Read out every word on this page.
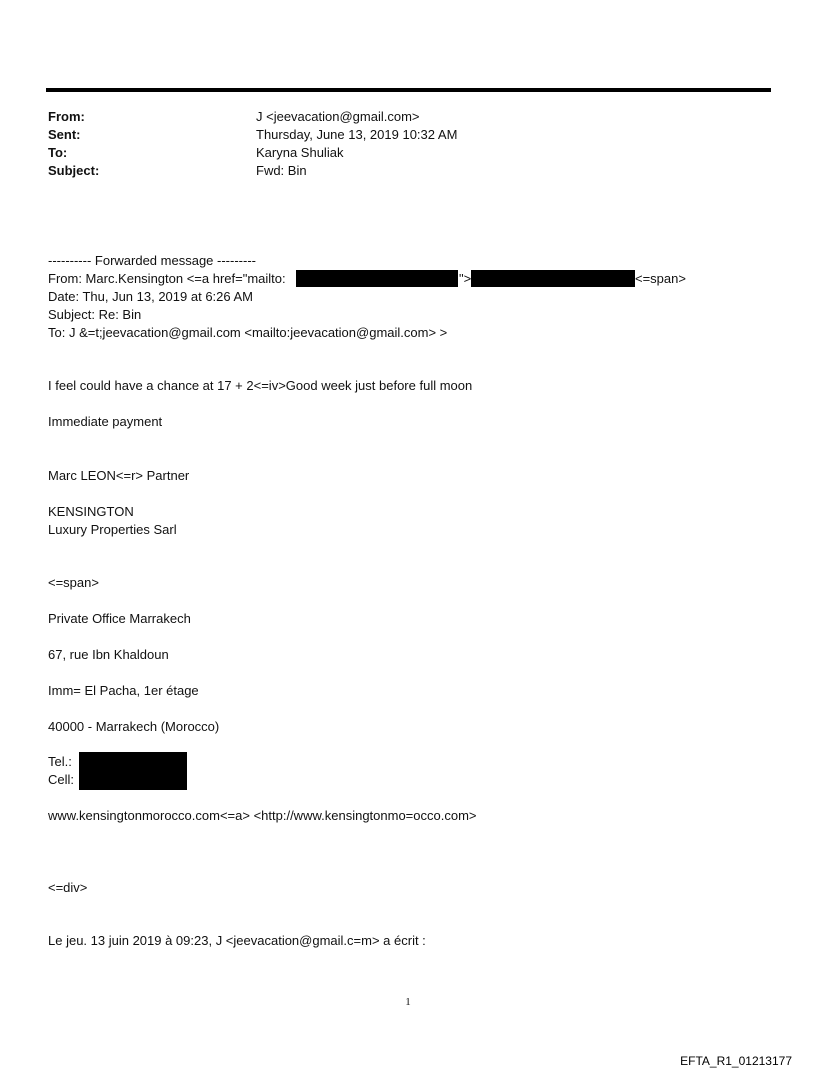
From:	J <jeevacation@gmail.com>
Sent:	Thursday, June 13, 2019 10:32 AM
To:	Karyna Shuliak
Subject:	Fwd: Bin
---------- Forwarded message ---------
From: Marc.Kensington <=a href="mailto:	">	<=span>
Date: Thu, Jun 13, 2019 at 6:26 AM
Subject: Re: Bin
To: J &=t;jeevacation@gmail.com <mailto:jeevacation@gmail.com> >
I feel could have a chance at 17 + 2<=iv>Good week just before full moon
Immediate payment
Marc LEON<=r> Partner
KENSINGTON
Luxury Properties Sarl
<=span>
Private Office Marrakech
67, rue Ibn Khaldoun
Imm= El Pacha, 1er étage
40000 - Marrakech (Morocco)
Tel.:
Cell:
www.kensingtonmorocco.com<=a> <http://www.kensingtonmo=occo.com>
<=div>
Le jeu. 13 juin 2019 à 09:23, J <jeevacation@gmail.c=m> a écrit :
1
EFTA_R1_01213177
